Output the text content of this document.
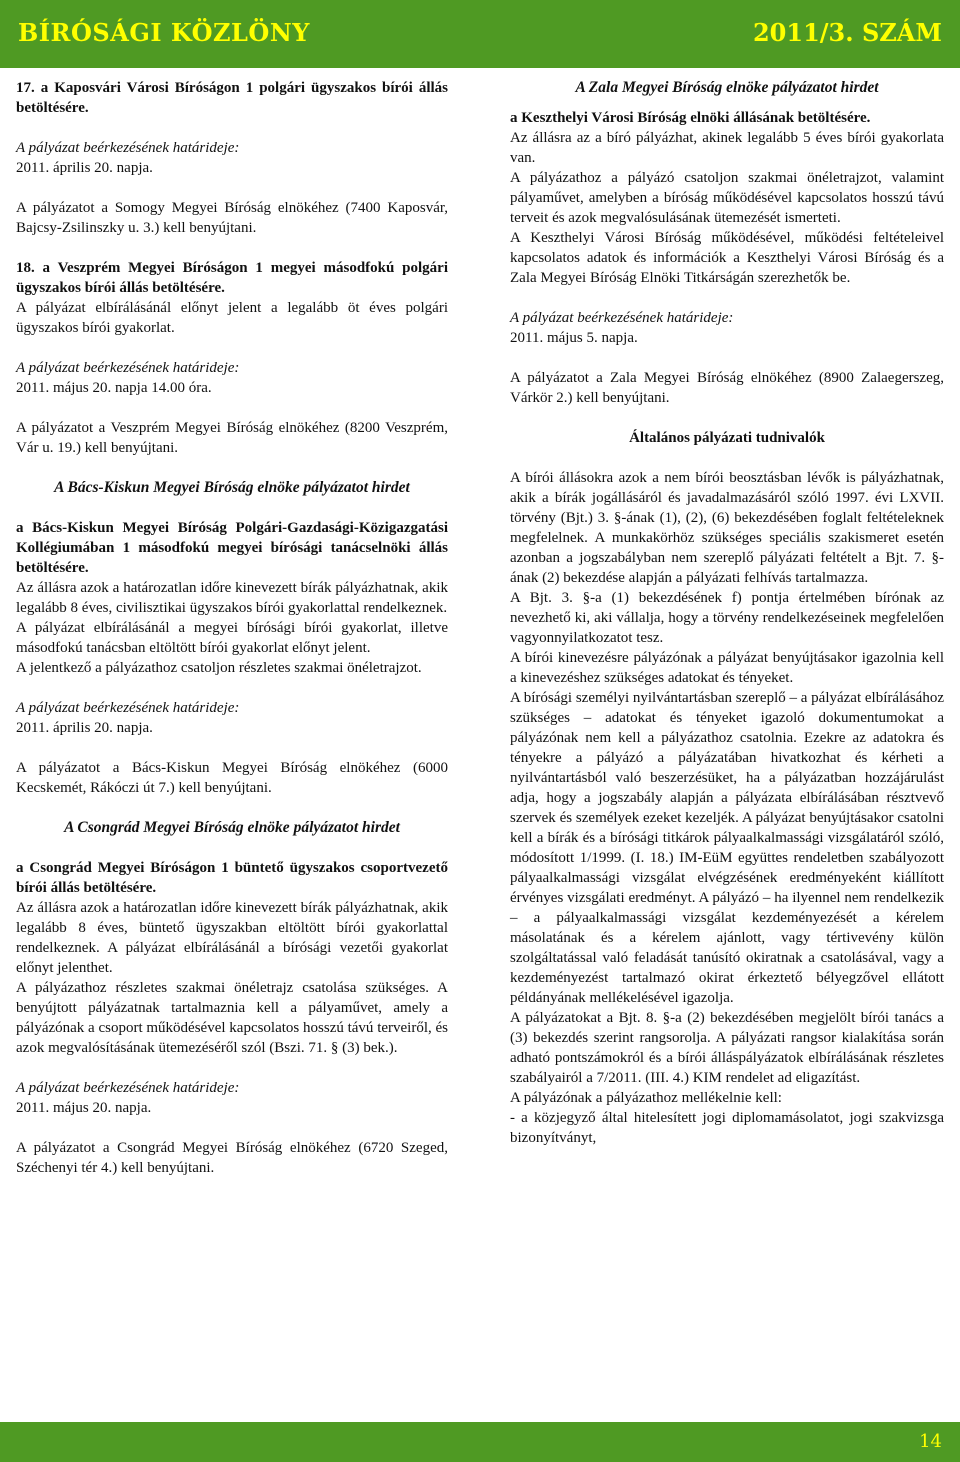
BÍRÓSÁGI KÖZLÖNY	2011/3. SZÁM

17. a Kaposvári Városi Bíróságon 1 polgári ügyszakos bírói állás betöltésére.

A pályázat beérkezésének határideje:

2011. április 20. napja.

A pályázatot a Somogy Megyei Bíróság elnökéhez (7400 Kaposvár, Bajcsy-Zsilinszky u. 3.) kell benyújtani.

18. a Veszprém Megyei Bíróságon 1 megyei másodfokú polgári ügyszakos bírói állás betöltésére.

A pályázat elbírálásánál előnyt jelent a legalább öt éves polgári ügyszakos bírói gyakorlat.

A pályázat beérkezésének határideje:

2011. május 20. napja 14.00 óra.

A pályázatot a Veszprém Megyei Bíróság elnökéhez (8200 Veszprém, Vár u. 19.) kell benyújtani.

A Bács-Kiskun Megyei Bíróság elnöke pályázatot hirdet

a Bács-Kiskun Megyei Bíróság Polgári-Gazdasági-Közigazgatási Kollégiumában 1 másodfokú megyei bírósági tanácselnöki állás betöltésére.

Az állásra azok a határozatlan időre kinevezett bírák pályázhatnak, akik legalább 8 éves, civilisztikai ügyszakos bírói gyakorlattal rendelkeznek.

A pályázat elbírálásánál a megyei bírósági bírói gyakorlat, illetve másodfokú tanácsban eltöltött bírói gyakorlat előnyt jelent.

A jelentkező a pályázathoz csatoljon részletes szakmai önéletrajzot.

A pályázat beérkezésének határideje:

2011. április 20. napja.

A pályázatot a Bács-Kiskun Megyei Bíróság elnökéhez (6000 Kecskemét, Rákóczi út 7.) kell benyújtani.

A Csongrád Megyei Bíróság elnöke pályázatot hirdet

a Csongrád Megyei Bíróságon 1 büntető ügyszakos csoportvezető bírói állás betöltésére.

Az állásra azok a határozatlan időre kinevezett bírák pályázhatnak, akik legalább 8 éves, büntető ügyszakban eltöltött bírói gyakorlattal rendelkeznek. A pályázat elbírálásánál a bírósági vezetői gyakorlat előnyt jelenthet.

A pályázathoz részletes szakmai önéletrajz csatolása szükséges. A benyújtott pályázatnak tartalmaznia kell a pályaművet, amely a pályázónak a csoport működésével kapcsolatos hosszú távú terveiről, és azok megvalósításának ütemezéséről szól (Bszi. 71. § (3) bek.).

A pályázat beérkezésének határideje:

2011. május 20. napja.

A pályázatot a Csongrád Megyei Bíróság elnökéhez (6720 Szeged, Széchenyi tér 4.) kell benyújtani.

A Zala Megyei Bíróság elnöke pályázatot hirdet

a Keszthelyi Városi Bíróság elnöki állásának betöltésére.

Az állásra az a bíró pályázhat, akinek legalább 5 éves bírói gyakorlata van.

A pályázathoz a pályázó csatoljon szakmai önéletrajzot, valamint pályaművet, amelyben a bíróság működésével kapcsolatos hosszú távú terveit és azok megvalósulásának ütemezését ismerteti.

A Keszthelyi Városi Bíróság működésével, működési feltételeivel kapcsolatos adatok és információk a Keszthelyi Városi Bíróság és a Zala Megyei Bíróság Elnöki Titkárságán szerezhetők be.

A pályázat beérkezésének határideje:

2011. május 5. napja.

A pályázatot a Zala Megyei Bíróság elnökéhez (8900 Zalaegerszeg, Várkör 2.) kell benyújtani.

Általános pályázati tudnivalók

A bírói állásokra azok a nem bírói beosztásban lévők is pályázhatnak, akik a bírák jogállásáról és javadalmazásáról szóló 1997. évi LXVII. törvény (Bjt.) 3. §-ának (1), (2), (6) bekezdésében foglalt feltételeknek megfelelnek. A munkakörhöz szükséges speciális szakismeret esetén azonban a jogszabályban nem szereplő pályázati feltételt a Bjt. 7. §-ának (2) bekezdése alapján a pályázati felhívás tartalmazza.

A Bjt. 3. §-a (1) bekezdésének f) pontja értelmében bírónak az nevezhető ki, aki vállalja, hogy a törvény rendelkezéseinek megfelelően vagyonnyilatkozatot tesz.

A bírói kinevezésre pályázónak a pályázat benyújtásakor igazolnia kell a kinevezéshez szükséges adatokat és tényeket.

A bírósági személyi nyilvántartásban szereplő – a pályázat elbírálásához szükséges – adatokat és tényeket igazoló dokumentumokat a pályázónak nem kell a pályázathoz csatolnia. Ezekre az adatokra és tényekre a pályázó a pályázatában hivatkozhat és kérheti a nyilvántartásból való beszerzésüket, ha a pályázatban hozzájárulást adja, hogy a jogszabály alapján a pályázata elbírálásában résztvevő szervek és személyek ezeket kezeljék. A pályázat benyújtásakor csatolni kell a bírák és a bírósági titkárok pályaalkalmassági vizsgálatáról szóló, módosított 1/1999. (I. 18.) IM-EüM együttes rendeletben szabályozott pályaalkalmassági vizsgálat elvégzésének eredményeként kiállított érvényes vizsgálati eredményt. A pályázó – ha ilyennel nem rendelkezik – a pályaalkalmassági vizsgálat kezdeményezését a kérelem másolatának és a kérelem ajánlott, vagy tértivevény külön szolgáltatással való feladását tanúsító okiratnak a csatolásával, vagy a kezdeményezést tartalmazó okirat érkeztető bélyegzővel ellátott példányának mellékelésével igazolja.

A pályázatokat a Bjt. 8. §-a (2) bekezdésében megjelölt bírói tanács a (3) bekezdés szerint rangsorolja. A pályázati rangsor kialakítása során adható pontszámokról és a bírói álláspályázatok elbírálásának részletes szabályairól a 7/2011. (III. 4.) KIM rendelet ad eligazítást.

A pályázónak a pályázathoz mellékelnie kell:

- a közjegyző által hitelesített jogi diplomamásolatot, jogi szakvizsga bizonyítványt,

14
